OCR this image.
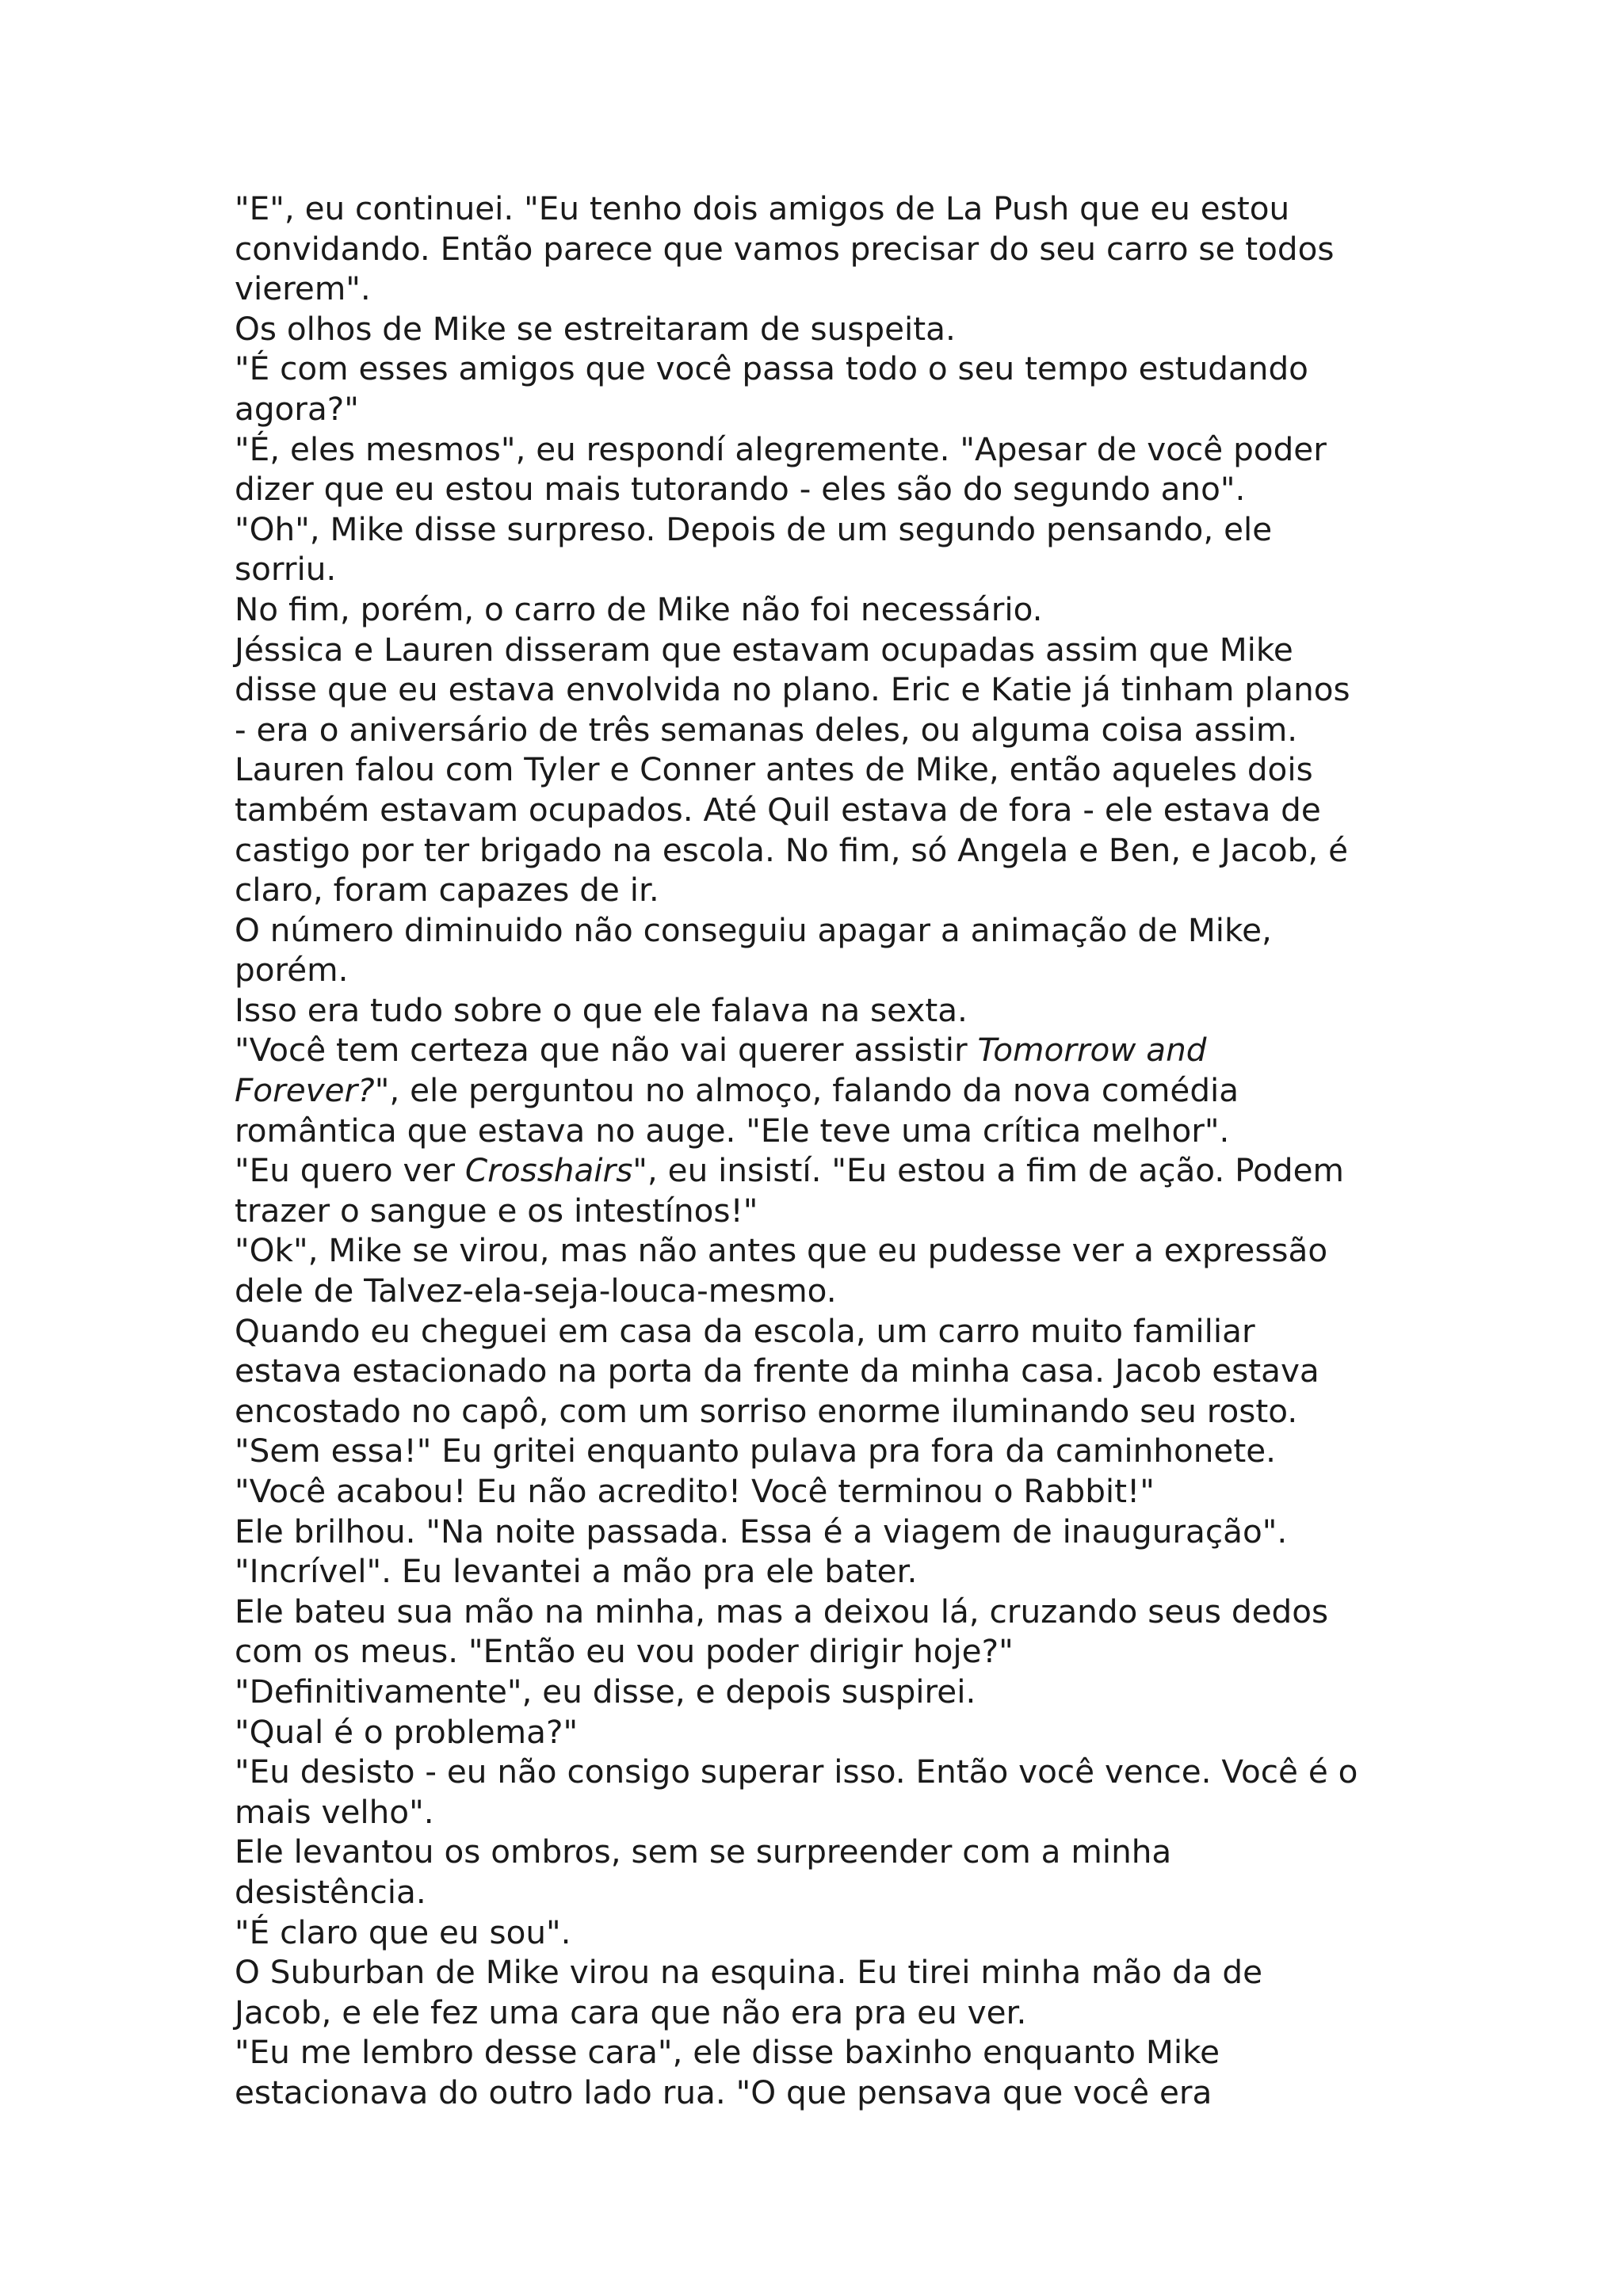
"E", eu continuei. "Eu tenho dois amigos de La Push que eu estou
convidando. Então parece que vamos precisar do seu carro se todos
vierem".
Os olhos de Mike se estreitaram de suspeita.
"É com esses amigos que você passa todo o seu tempo estudando
agora?"
"É, eles mesmos", eu respondí alegremente. "Apesar de você poder
dizer que eu estou mais tutorando - eles são do segundo ano".
"Oh", Mike disse surpreso. Depois de um segundo pensando, ele
sorriu.
No fim, porém, o carro de Mike não foi necessário.
Jéssica e Lauren disseram que estavam ocupadas assim que Mike
disse que eu estava envolvida no plano. Eric e Katie já tinham planos
- era o aniversário de três semanas deles, ou alguma coisa assim.
Lauren falou com Tyler e Conner antes de Mike, então aqueles dois
também estavam ocupados. Até Quil estava de fora - ele estava de
castigo por ter brigado na escola. No fim, só Angela e Ben, e Jacob, é
claro, foram capazes de ir.
O número diminuido não conseguiu apagar a animação de Mike,
porém.
Isso era tudo sobre o que ele falava na sexta.
"Você tem certeza que não vai querer assistir Tomorrow and
Forever?", ele perguntou no almoço, falando da nova comédia
romântica que estava no auge. "Ele teve uma crítica melhor".
"Eu quero ver Crosshairs", eu insistí. "Eu estou a fim de ação. Podem
trazer o sangue e os intestínos!"
"Ok", Mike se virou, mas não antes que eu pudesse ver a expressão
dele de Talvez-ela-seja-louca-mesmo.
Quando eu cheguei em casa da escola, um carro muito familiar
estava estacionado na porta da frente da minha casa. Jacob estava
encostado no capô, com um sorriso enorme iluminando seu rosto.
"Sem essa!" Eu gritei enquanto pulava pra fora da caminhonete.
"Você acabou! Eu não acredito! Você terminou o Rabbit!"
Ele brilhou. "Na noite passada. Essa é a viagem de inauguração".
"Incrível". Eu levantei a mão pra ele bater.
Ele bateu sua mão na minha, mas a deixou lá, cruzando seus dedos
com os meus. "Então eu vou poder dirigir hoje?"
"Definitivamente", eu disse, e depois suspirei.
"Qual é o problema?"
"Eu desisto - eu não consigo superar isso. Então você vence. Você é o
mais velho".
Ele levantou os ombros, sem se surpreender com a minha
desistência.
"É claro que eu sou".
O Suburban de Mike virou na esquina. Eu tirei minha mão da de
Jacob, e ele fez uma cara que não era pra eu ver.
"Eu me lembro desse cara", ele disse baxinho enquanto Mike
estacionava do outro lado rua. "O que pensava que você era
